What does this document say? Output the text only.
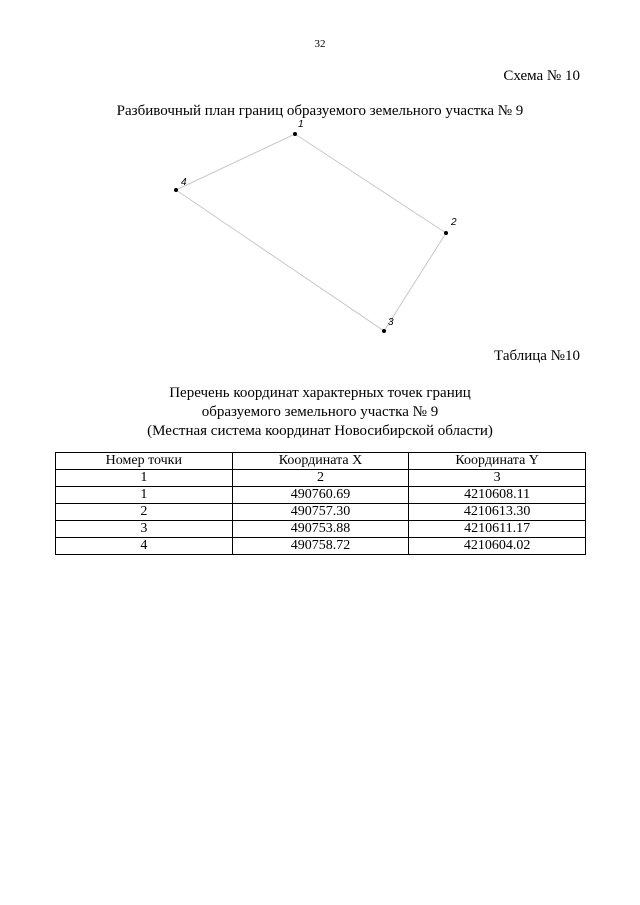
32
Схема № 10
Разбивочный план границ образуемого земельного участка № 9
1
2
3
4
Таблица №10
Перечень координат характерных точек границ
образуемого земельного участка № 9
(Местная система координат Новосибирской области)
Номер точки	Координата X	Координата Y
1	2	3
1	490760.69	4210608.11
2	490757.30	4210613.30
3	490753.88	4210611.17
4	490758.72	4210604.02
